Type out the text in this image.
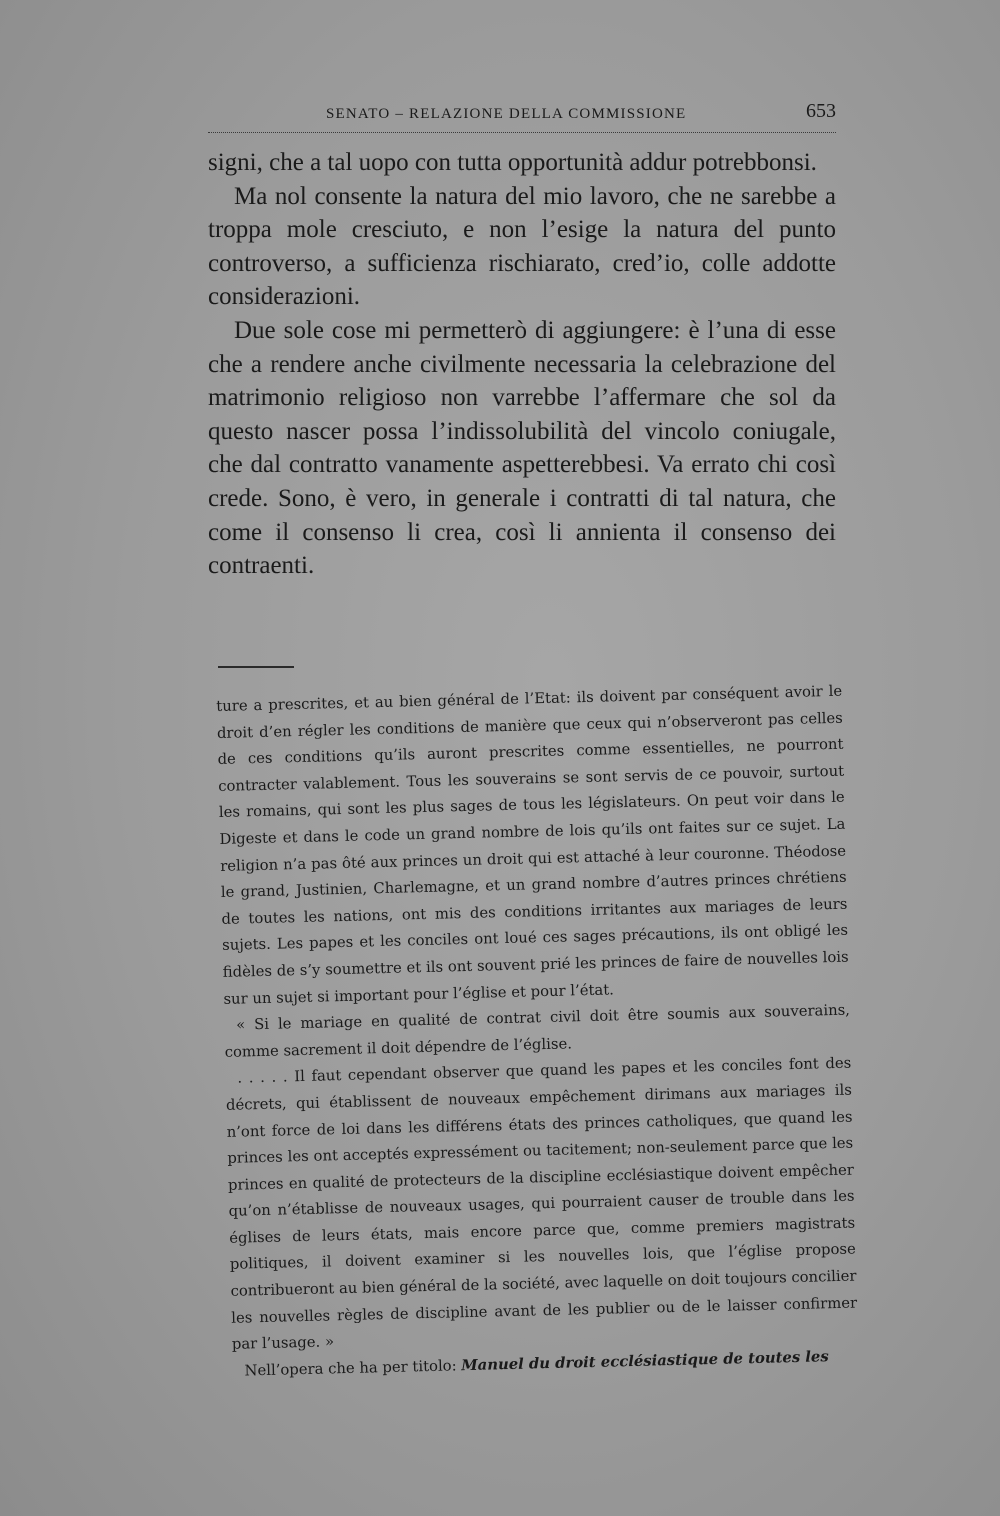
SENATO – RELAZIONE DELLA COMMISSIONE	653

signi, che a tal uopo con tutta opportunità addur potrebbonsi.

Ma nol consente la natura del mio lavoro, che ne sarebbe a troppa mole cresciuto, e non l’esige la natura del punto controverso, a sufficienza rischiarato, cred’io, colle addotte considerazioni.

Due sole cose mi permetterò di aggiungere: è l’una di esse che a rendere anche civilmente necessaria la celebrazione del matrimonio religioso non varrebbe l’affermare che sol da questo nascer possa l’indissolubilità del vincolo coniugale, che dal contratto vanamente aspetterebbesi. Va errato chi così crede. Sono, è vero, in generale i contratti di tal natura, che come il consenso li crea, così li annienta il consenso dei contraenti.

ture a prescrites, et au bien général de l’Etat: ils doivent par conséquent avoir le droit d’en régler les conditions de manière que ceux qui n’observeront pas celles de ces conditions qu’ils auront prescrites comme essentielles, ne pourront contracter valablement. Tous les souverains se sont servis de ce pouvoir, surtout les romains, qui sont les plus sages de tous les législateurs. On peut voir dans le Digeste et dans le code un grand nombre de lois qu’ils ont faites sur ce sujet. La religion n’a pas ôté aux princes un droit qui est attaché à leur couronne. Théodose le grand, Justinien, Charlemagne, et un grand nombre d’autres princes chrétiens de toutes les nations, ont mis des conditions irritantes aux mariages de leurs sujets. Les papes et les conciles ont loué ces sages précautions, ils ont obligé les fidèles de s’y soumettre et ils ont souvent prié les princes de faire de nouvelles lois sur un sujet si important pour l’église et pour l’état.

« Si le mariage en qualité de contrat civil doit être soumis aux souverains, comme sacrement il doit dépendre de l’église.

. . . . . Il faut cependant observer que quand les papes et les conciles font des décrets, qui établissent de nouveaux empêchement dirimans aux mariages ils n’ont force de loi dans les différens états des princes catholiques, que quand les princes les ont acceptés expressément ou tacitement; non-seulement parce que les princes en qualité de protecteurs de la discipline ecclésiastique doivent empêcher qu’on n’établisse de nouveaux usages, qui pourraient causer de trouble dans les églises de leurs états, mais encore parce que, comme premiers magistrats politiques, il doivent examiner si les nouvelles lois, que l’église propose contribueront au bien général de la société, avec laquelle on doit toujours concilier les nouvelles règles de discipline avant de les publier ou de le laisser confirmer par l’usage. »

Nell’opera che ha per titolo: Manuel du droit ecclésiastique de toutes les
